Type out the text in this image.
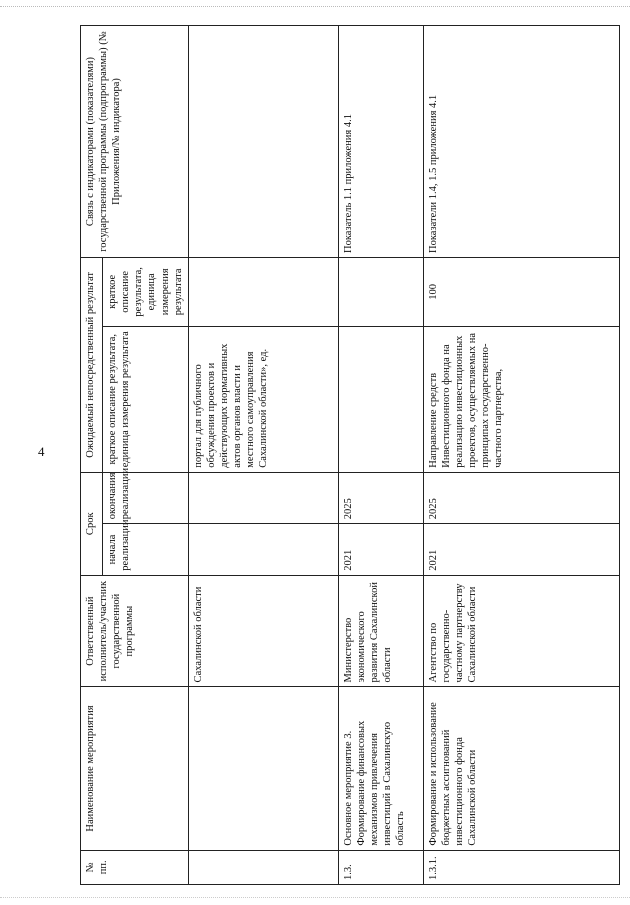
4
№ пп.	Наименование мероприятия	Ответственный исполнитель/участник государственной программы	Срок		Ожидаемый непосредственный результат		Связь с индикаторами (показателями) государственной программы (подпрограммы) (№ Приложения/№ индикатора)
			начала реализации	окончания реализации	краткое описание результата, единица измерения результата	краткое описание результата, единица измерения результата	
		Сахалинской области			портал для публичного обсуждения проектов и действующих нормативных актов органов власти и местного самоуправления Сахалинской области», ед.		
1.3.	Основное мероприятие 3. Формирование финансовых механизмов привлечения инвестиций в Сахалинскую область	Министерство экономического развития Сахалинской области	2021	2025			Показатель 1.1 приложения 4.1
1.3.1.	Формирование и использование бюджетных ассигнований инвестиционного фонда Сахалинской области	Агентство по государственно-частному партнерству Сахалинской области	2021	2025	Направление средств Инвестиционного фонда на реализацию инвестиционных проектов, осуществляемых на принципах государственно-частного партнерства,	100	Показатели 1.4, 1.5 приложения 4.1
